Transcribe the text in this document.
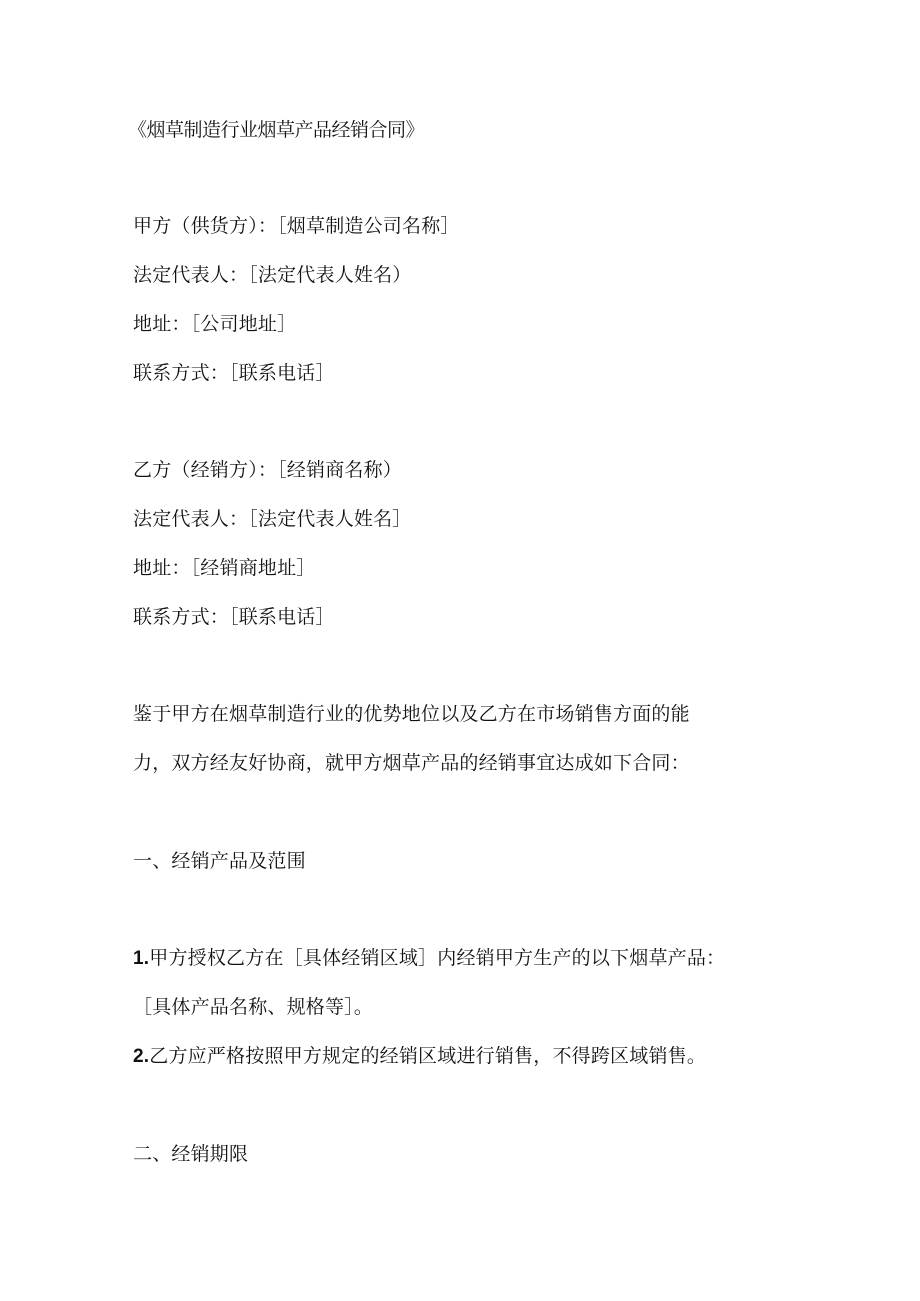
《烟草制造行业烟草产品经销合同》
甲方（供货方）：［烟草制造公司名称］
法定代表人：［法定代表人姓名）
地址：［公司地址］
联系方式：［联系电话］
乙方（经销方）：［经销商名称）
法定代表人：［法定代表人姓名］
地址：［经销商地址］
联系方式：［联系电话］
鉴于甲方在烟草制造行业的优势地位以及乙方在市场销售方面的能
力，双方经友好协商，就甲方烟草产品的经销事宜达成如下合同：
一、经销产品及范围
1.甲方授权乙方在［具体经销区域］内经销甲方生产的以下烟草产品：
［具体产品名称、规格等］。
2.乙方应严格按照甲方规定的经销区域进行销售，不得跨区域销售。
二、经销期限
